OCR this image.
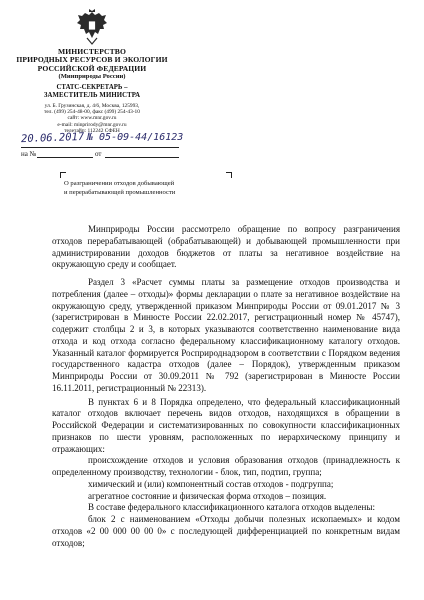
МИНИСТЕРСТВО
ПРИРОДНЫХ РЕСУРСОВ И ЭКОЛОГИИ
РОССИЙСКОЙ ФЕДЕРАЦИИ
(Минприроды России)
СТАТС-СЕКРЕТАРЬ –
ЗАМЕСТИТЕЛЬ МИНИСТРА
ул. Б. Грузинская, д. 4/6, Москва, 125993,
тел. (499) 254-48-00, факс (499) 254-43-10
сайт: www.mnr.gov.ru
e-mail: minprirody@mnr.gov.ru
телетайп: 112242 СФЕН
20.06.2017 № 05-09-44/16123
на №	от
О разграничении отходов добывающей
и перерабатывающей промышленности

Минприроды России рассмотрело обращение по вопросу разграничения отходов перерабатывающей (обрабатывающей) и добывающей промышленности при администрировании доходов бюджетов от платы за негативное воздействие на окружающую среду и сообщает.

Раздел 3 «Расчет суммы платы за размещение отходов производства и потребления (далее – отходы)» формы декларации о плате за негативное воздействие на окружающую среду, утвержденной приказом Минприроды России от 09.01.2017 № 3 (зарегистрирован в Минюсте России 22.02.2017, регистрационный номер № 45747), содержит столбцы 2 и 3, в которых указываются соответственно наименование вида отхода и код отхода согласно федеральному классификационному каталогу отходов. Указанный каталог формируется Росприроднадзором в соответствии с Порядком ведения государственного кадастра отходов (далее – Порядок), утвержденным приказом Минприроды России от 30.09.2011 № 792 (зарегистрирован в Минюсте России 16.11.2011, регистрационный № 22313).

В пунктах 6 и 8 Порядка определено, что федеральный классификационный каталог отходов включает перечень видов отходов, находящихся в обращении в Российской Федерации и систематизированных по совокупности классификационных признаков по шести уровням, расположенных по иерархическому принципу и отражающих:

происхождение отходов и условия образования отходов (принадлежность к определенному производству, технологии - блок, тип, подтип, группа;

химический и (или) компонентный состав отходов - подгруппа;

агрегатное состояние и физическая форма отходов – позиция.

В составе федерального классификационного каталога отходов выделены:

блок 2 с наименованием «Отходы добычи полезных ископаемых» и кодом отходов «2 00 000 00 00 0» с последующей дифференциацией по конкретным видам отходов;
